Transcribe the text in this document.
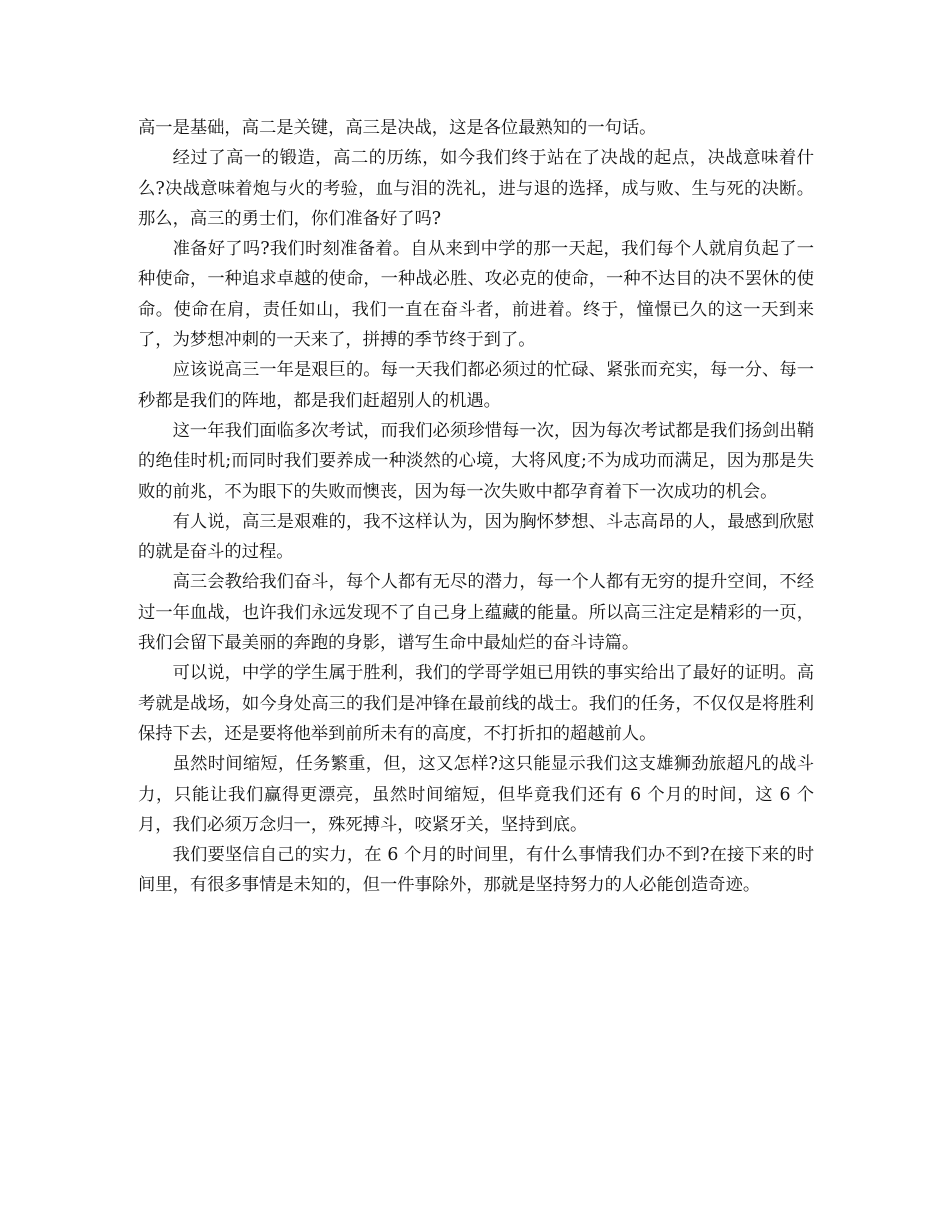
高一是基础，高二是关键，高三是决战，这是各位最熟知的一句话。

经过了高一的锻造，高二的历练，如今我们终于站在了决战的起点，决战意味着什么?决战意味着炮与火的考验，血与泪的洗礼，进与退的选择，成与败、生与死的决断。那么，高三的勇士们，你们准备好了吗?

准备好了吗?我们时刻准备着。自从来到中学的那一天起，我们每个人就肩负起了一种使命，一种追求卓越的使命，一种战必胜、攻必克的使命，一种不达目的决不罢休的使命。使命在肩，责任如山，我们一直在奋斗者，前进着。终于，憧憬已久的这一天到来了，为梦想冲刺的一天来了，拼搏的季节终于到了。

应该说高三一年是艰巨的。每一天我们都必须过的忙碌、紧张而充实，每一分、每一秒都是我们的阵地，都是我们赶超别人的机遇。

这一年我们面临多次考试，而我们必须珍惜每一次，因为每次考试都是我们扬剑出鞘的绝佳时机;而同时我们要养成一种淡然的心境，大将风度;不为成功而满足，因为那是失败的前兆，不为眼下的失败而懊丧，因为每一次失败中都孕育着下一次成功的机会。

有人说，高三是艰难的，我不这样认为，因为胸怀梦想、斗志高昂的人，最感到欣慰的就是奋斗的过程。

高三会教给我们奋斗，每个人都有无尽的潜力，每一个人都有无穷的提升空间，不经过一年血战，也许我们永远发现不了自己身上蕴藏的能量。所以高三注定是精彩的一页，我们会留下最美丽的奔跑的身影，谱写生命中最灿烂的奋斗诗篇。

可以说，中学的学生属于胜利，我们的学哥学姐已用铁的事实给出了最好的证明。高考就是战场，如今身处高三的我们是冲锋在最前线的战士。我们的任务，不仅仅是将胜利保持下去，还是要将他举到前所未有的高度，不打折扣的超越前人。

虽然时间缩短，任务繁重，但，这又怎样?这只能显示我们这支雄狮劲旅超凡的战斗力，只能让我们赢得更漂亮，虽然时间缩短，但毕竟我们还有 6 个月的时间，这 6 个月，我们必须万念归一，殊死搏斗，咬紧牙关，坚持到底。

我们要坚信自己的实力，在 6 个月的时间里，有什么事情我们办不到?在接下来的时间里，有很多事情是未知的，但一件事除外，那就是坚持努力的人必能创造奇迹。
